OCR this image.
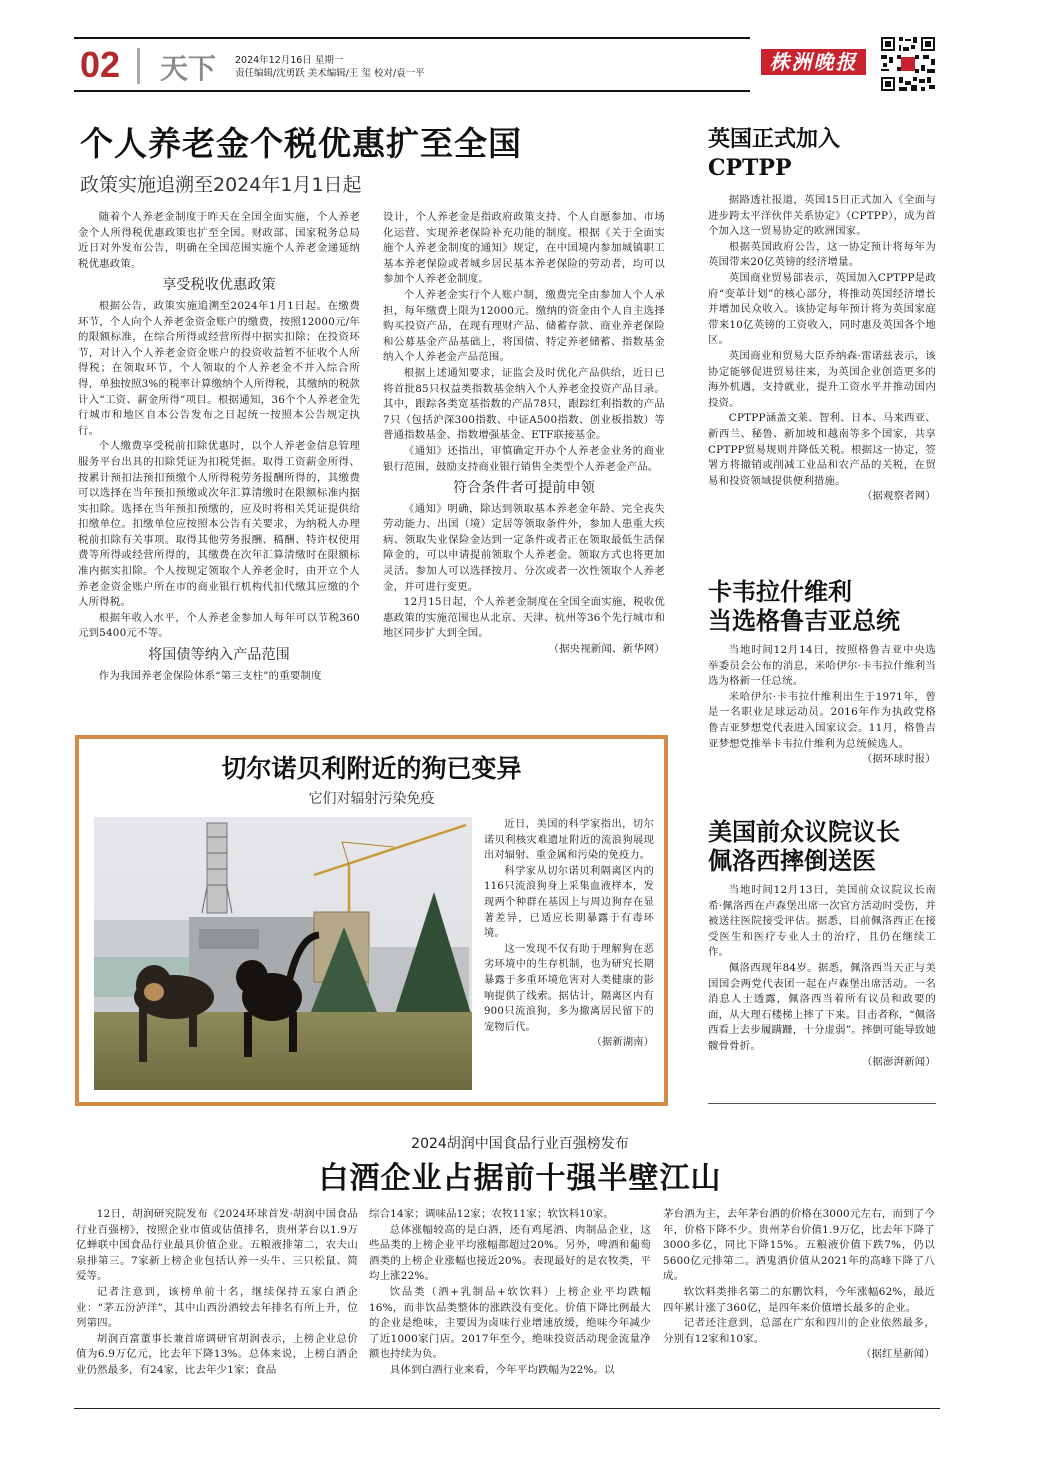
02 天下 2024年12月16日 星期一
责任编辑/沈勇跃 美术编辑/王 玺 校对/袁一平	株洲晚报
个人养老金个税优惠扩至全国
政策实施追溯至2024年1月1日起

随着个人养老金制度于昨天在全国全面实施，个人养老金个人所得税优惠政策也扩至全国。财政部、国家税务总局近日对外发布公告，明确在全国范围实施个人养老金递延纳税优惠政策。

享受税收优惠政策

根据公告，政策实施追溯至2024年1月1日起。在缴费环节，个人向个人养老金资金账户的缴费，按照12000元/年的限额标准，在综合所得或经营所得中据实扣除；在投资环节，对计入个人养老金资金账户的投资收益暂不征收个人所得税；在领取环节，个人领取的个人养老金不并入综合所得，单独按照3%的税率计算缴纳个人所得税，其缴纳的税款计入“工资、薪金所得”项目。根据通知，36个个人养老金先行城市和地区自本公告发布之日起统一按照本公告规定执行。

个人缴费享受税前扣除优惠时，以个人养老金信息管理服务平台出具的扣除凭证为扣税凭据。取得工资薪金所得、按累计预扣法预扣预缴个人所得税劳务报酬所得的，其缴费可以选择在当年预扣预缴或次年汇算清缴时在限额标准内据实扣除。选择在当年预扣预缴的，应及时将相关凭证提供给扣缴单位。扣缴单位应按照本公告有关要求，为纳税人办理税前扣除有关事项。取得其他劳务报酬、稿酬、特许权使用费等所得或经营所得的，其缴费在次年汇算清缴时在限额标准内据实扣除。个人按规定领取个人养老金时，由开立个人养老金资金账户所在市的商业银行机构代扣代缴其应缴的个人所得税。

根据年收入水平，个人养老金参加人每年可以节税360元到5400元不等。

将国债等纳入产品范围

作为我国养老金保险体系“第三支柱”的重要制度

设计，个人养老金是指政府政策支持、个人自愿参加、市场化运营、实现养老保险补充功能的制度。根据《关于全面实施个人养老金制度的通知》规定，在中国境内参加城镇职工基本养老保险或者城乡居民基本养老保险的劳动者，均可以参加个人养老金制度。

个人养老金实行个人账户制，缴费完全由参加人个人承担，每年缴费上限为12000元。缴纳的资金由个人自主选择购买投资产品，在现有理财产品、储蓄存款、商业养老保险和公募基金产品基础上，将国债、特定养老储蓄、指数基金纳入个人养老金产品范围。

根据上述通知要求，证监会及时优化产品供给，近日已将首批85只权益类指数基金纳入个人养老金投资产品目录。其中，跟踪各类宽基指数的产品78只，跟踪红利指数的产品7只（包括沪深300指数、中证A500指数、创业板指数）等普通指数基金、指数增强基金、ETF联接基金。

《通知》还指出，审慎确定开办个人养老金业务的商业银行范围，鼓励支持商业银行销售全类型个人养老金产品。

符合条件者可提前申领

《通知》明确，除达到领取基本养老金年龄、完全丧失劳动能力、出国（境）定居等领取条件外，参加人患重大疾病、领取失业保险金达到一定条件或者正在领取最低生活保障金的，可以申请提前领取个人养老金。领取方式也将更加灵活。参加人可以选择按月、分次或者一次性领取个人养老金，并可进行变更。

12月15日起，个人养老金制度在全国全面实施，税收优惠政策的实施范围也从北京、天津、杭州等36个先行城市和地区同步扩大到全国。

（据央视新闻、新华网）

英国正式加入
CPTPP

据路透社报道，英国15日正式加入《全面与进步跨太平洋伙伴关系协定》（CPTPP），成为首个加入这一贸易协定的欧洲国家。

根据英国政府公告，这一协定预计将每年为英国带来20亿英镑的经济增量。

英国商业贸易部表示，英国加入CPTPP是政府“变革计划”的核心部分，将推动英国经济增长并增加民众收入。该协定每年预计将为英国家庭带来10亿英镑的工资收入，同时惠及英国各个地区。

英国商业和贸易大臣乔纳森·雷诺兹表示，该协定能够促进贸易往来，为英国企业创造更多的海外机遇，支持就业，提升工资水平并推动国内投资。

CPTPP涵盖文莱、智利、日本、马来西亚、新西兰、秘鲁、新加坡和越南等多个国家，共享CPTPP贸易规则并降低关税。根据这一协定，签署方将撤销或削减工业品和农产品的关税，在贸易和投资领域提供便利措施。

（据观察者网）

卡韦拉什维利
当选格鲁吉亚总统

当地时间12月14日，按照格鲁吉亚中央选举委员会公布的消息，米哈伊尔·卡韦拉什维利当选为格新一任总统。

米哈伊尔·卡韦拉什维利出生于1971年，曾是一名职业足球运动员。2016年作为执政党格鲁吉亚梦想党代表进入国家议会。11月，格鲁吉亚梦想党推举卡韦拉什维利为总统候选人。

（据环球时报）

美国前众议院议长
佩洛西摔倒送医

当地时间12月13日，美国前众议院议长南希·佩洛西在卢森堡出席一次官方活动时受伤，并被送往医院接受评估。据悉，目前佩洛西正在接受医生和医疗专业人士的治疗，且仍在继续工作。

佩洛西现年84岁。据悉，佩洛西当天正与美国国会两党代表团一起在卢森堡出席活动。一名消息人士透露，佩洛西当着所有议员和政要的面，从大理石楼梯上摔了下来。目击者称，“佩洛西看上去步履蹒跚，十分虚弱”。摔倒可能导致她髋骨骨折。

（据澎湃新闻）

切尔诺贝利附近的狗已变异
它们对辐射污染免疫

近日，美国的科学家指出，切尔诺贝利核灾难遗址附近的流浪狗展现出对辐射、重金属和污染的免疫力。

科学家从切尔诺贝利隔离区内的116只流浪狗身上采集血液样本，发现两个种群在基因上与周边狗存在显著差异，已适应长期暴露于有毒环境。

这一发现不仅有助于理解狗在恶劣环境中的生存机制，也为研究长期暴露于多重环境危害对人类健康的影响提供了线索。据估计，隔离区内有900只流浪狗，多为撤离居民留下的宠物后代。

（据新湖南）

2024胡润中国食品行业百强榜发布
白酒企业占据前十强半壁江山

12日，胡润研究院发布《2024环球首发·胡润中国食品行业百强榜》，按照企业市值或估值排名，贵州茅台以1.9万亿蝉联中国食品行业最具价值企业。五粮液排第二，农夫山泉排第三。7家新上榜企业包括认养一头牛、三只松鼠、简爱等。

记者注意到，该榜单前十名，继续保持五家白酒企业：“茅五汾泸洋”，其中山西汾酒较去年排名有所上升，位列第四。

胡润百富董事长兼首席调研官胡润表示，上榜企业总价值为6.9万亿元，比去年下降13%。总体来说，上榜白酒企业仍然最多，有24家，比去年少1家；食品

综合14家；调味品12家；农牧11家；软饮料10家。

总体涨幅较高的是白酒，还有鸡尾酒、肉制品企业，这些品类的上榜企业平均涨幅都超过20%。另外，啤酒和葡萄酒类的上榜企业涨幅也接近20%。表现最好的是农牧类，平均上涨22%。

饮品类（酒+乳制品+软饮料）上榜企业平均跌幅16%，而非饮品类整体的涨跌没有变化。价值下降比例最大的企业是绝味，主要因为卤味行业增速放缓，绝味今年减少了近1000家门店。2017年至今，绝味投资活动现金流量净额也持续为负。

具体到白酒行业来看，今年平均跌幅为22%。以

茅台酒为主，去年茅台酒的价格在3000元左右，而到了今年，价格下降不少。贵州茅台价值1.9万亿，比去年下降了3000多亿，同比下降15%。五粮液价值下跌7%，仍以5600亿元排第二。酒鬼酒价值从2021年的高峰下降了八成。

软饮料类排名第二的东鹏饮料，今年涨幅62%，最近四年累计涨了360亿，是四年来价值增长最多的企业。

记者还注意到，总部在广东和四川的企业依然最多，分别有12家和10家。

（据红星新闻）
